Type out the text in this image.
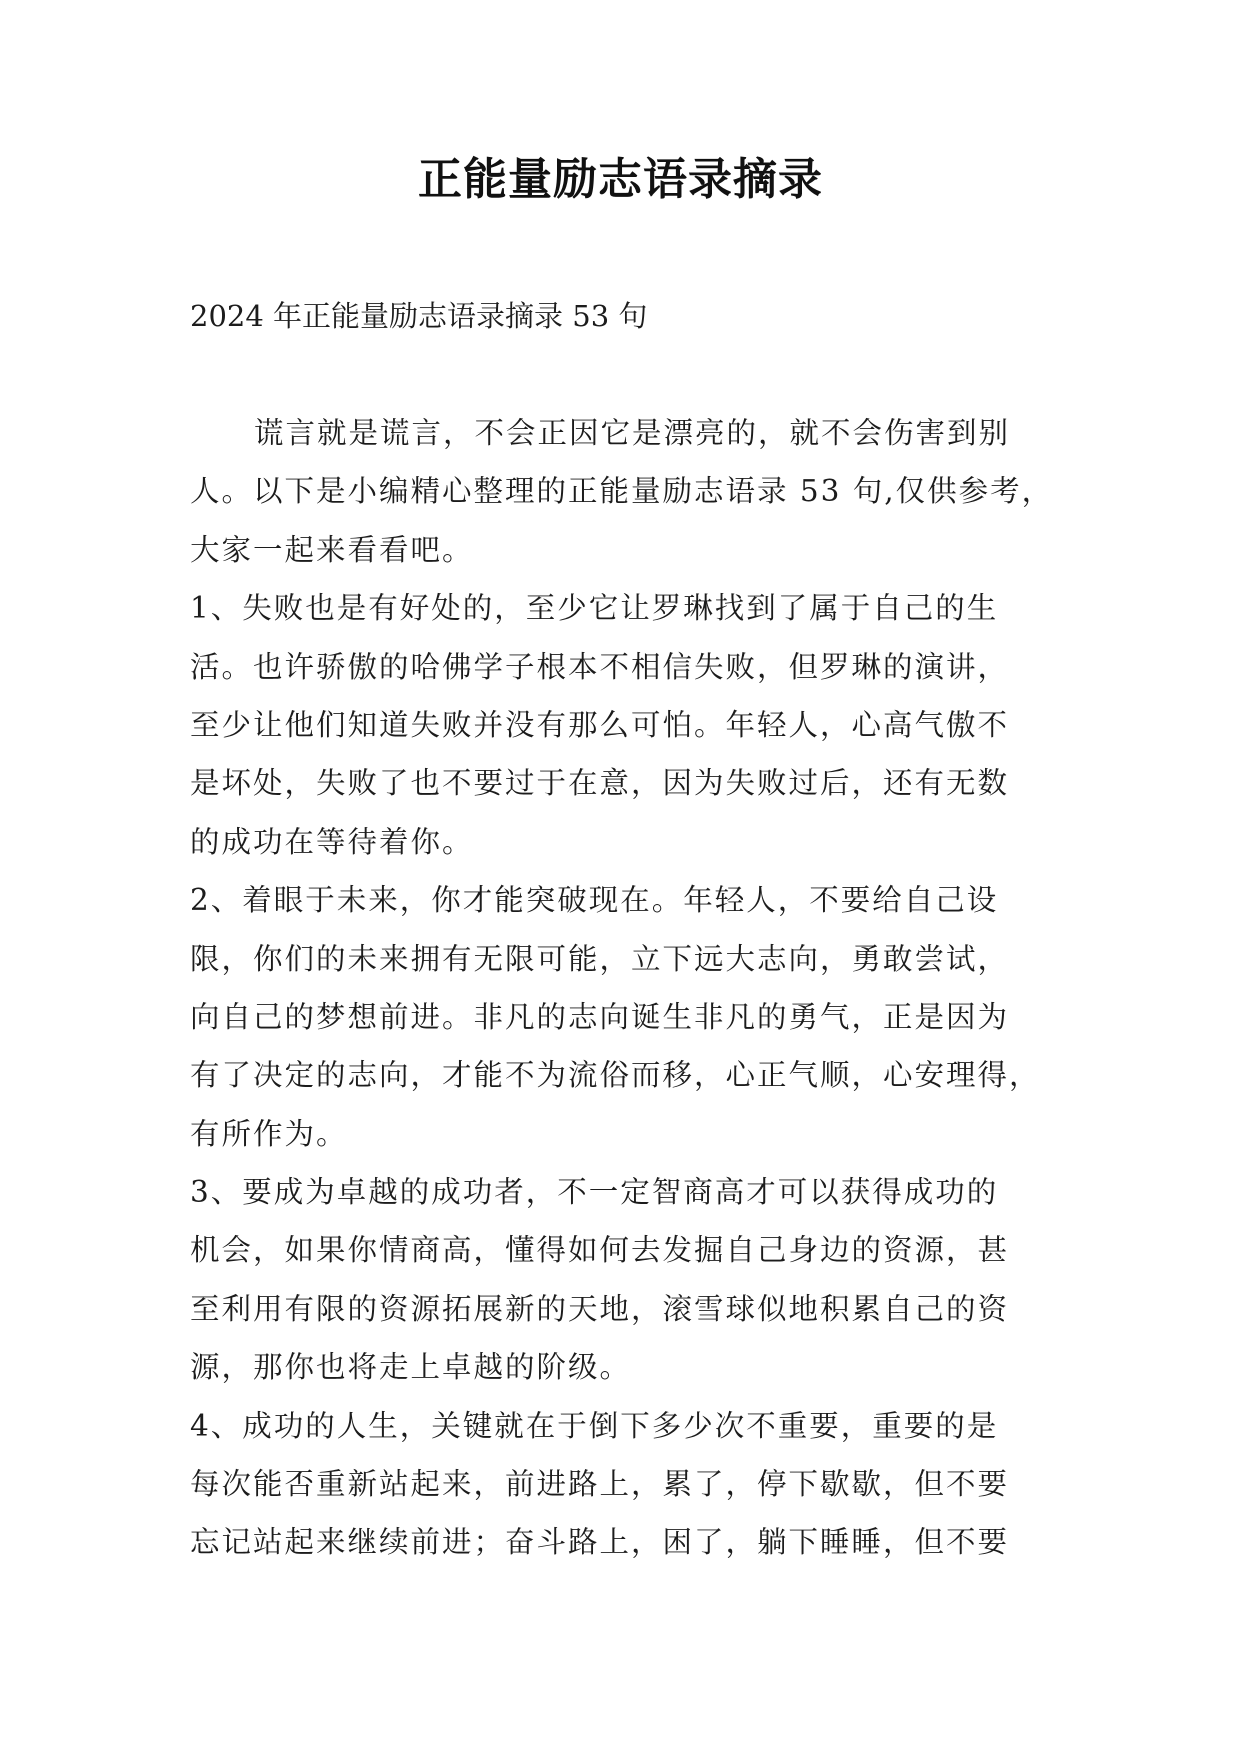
正能量励志语录摘录
2024 年正能量励志语录摘录 53 句
谎言就是谎言，不会正因它是漂亮的，就不会伤害到别
人。以下是小编精心整理的正能量励志语录 53 句,仅供参考，
大家一起来看看吧。
1、失败也是有好处的，至少它让罗琳找到了属于自己的生
活。也许骄傲的哈佛学子根本不相信失败，但罗琳的演讲，
至少让他们知道失败并没有那么可怕。年轻人，心高气傲不
是坏处，失败了也不要过于在意，因为失败过后，还有无数
的成功在等待着你。
2、着眼于未来，你才能突破现在。年轻人，不要给自己设
限，你们的未来拥有无限可能，立下远大志向，勇敢尝试，
向自己的梦想前进。非凡的志向诞生非凡的勇气，正是因为
有了决定的志向，才能不为流俗而移，心正气顺，心安理得，
有所作为。
3、要成为卓越的成功者，不一定智商高才可以获得成功的
机会，如果你情商高，懂得如何去发掘自己身边的资源，甚
至利用有限的资源拓展新的天地，滚雪球似地积累自己的资
源，那你也将走上卓越的阶级。
4、成功的人生，关键就在于倒下多少次不重要，重要的是
每次能否重新站起来，前进路上，累了，停下歇歇，但不要
忘记站起来继续前进；奋斗路上，困了，躺下睡睡，但不要
